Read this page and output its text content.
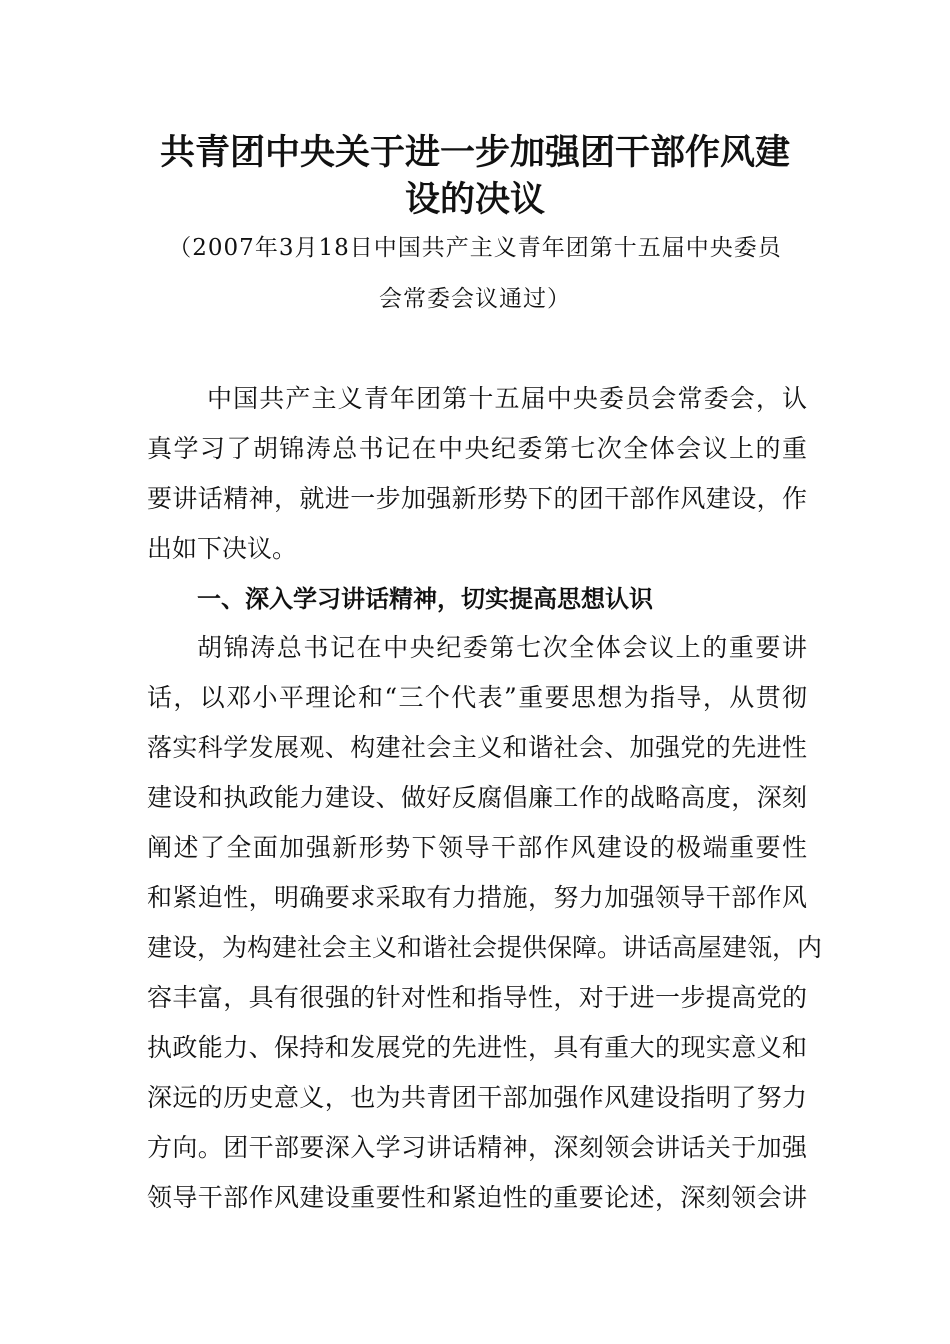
共青团中央关于进一步加强团干部作风建
设的决议
（2007年3月18日中国共产主义青年团第十五届中央委员
会常委会议通过）
中国共产主义青年团第十五届中央委员会常委会，认
真学习了胡锦涛总书记在中央纪委第七次全体会议上的重
要讲话精神，就进一步加强新形势下的团干部作风建设，作
出如下决议。
一、深入学习讲话精神，切实提高思想认识
胡锦涛总书记在中央纪委第七次全体会议上的重要讲
话，以邓小平理论和“三个代表”重要思想为指导，从贯彻
落实科学发展观、构建社会主义和谐社会、加强党的先进性
建设和执政能力建设、做好反腐倡廉工作的战略高度，深刻
阐述了全面加强新形势下领导干部作风建设的极端重要性
和紧迫性，明确要求采取有力措施，努力加强领导干部作风
建设，为构建社会主义和谐社会提供保障。讲话高屋建瓴，内
容丰富，具有很强的针对性和指导性，对于进一步提高党的
执政能力、保持和发展党的先进性，具有重大的现实意义和
深远的历史意义，也为共青团干部加强作风建设指明了努力
方向。团干部要深入学习讲话精神，深刻领会讲话关于加强
领导干部作风建设重要性和紧迫性的重要论述，深刻领会讲
